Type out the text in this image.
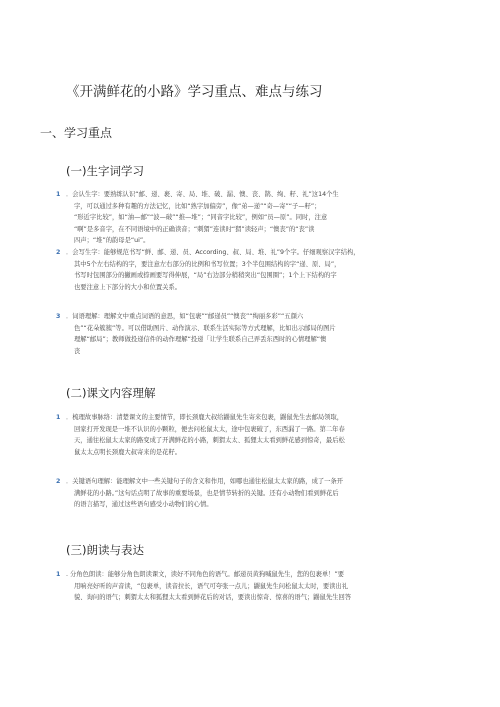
《开满鲜花的小路》学习重点、难点与练习
一、学习重点
(一)生字词学习
1 ．会认生字：要熟练认识“邮、递、裹、寄、局、堆、破、漏、懊、丧、鹊、绚、籽、礼”这14个生
字，可以通过多种有趣的方法记忆，比如“熟字加偏旁”，像“弟—递”“奇—寄”“子—籽”；
“形近字比较”，如“油—邮”“波—破”“推—堆”；“同音字比较”，例如“员—原”。同时，注意
“啊”是多音字，在不同语境中的正确读音；“刺猬”连读时“猬”读轻声；“懊丧”的“丧”读
四声；“堆”的韵母是“ui”。
2 ．会写生字：能够规范书写“鲜、邮、递、员、According、叔、局、堆、礼”9个字。仔细观察汉字结构，
其中5个左右结构的字，要注意左右部分的比例和书写位置；3个半包围结构的字“递、原、局”，
书写时包围部分的撇画或捺画要写得伸展，“局”右边部分稍稍突出“包围圈”；1个上下结构的字
也要注意上下部分的大小和位置关系。
3 ．词语理解：理解文中重点词语的意思，如“包裹”“邮递员”“懊丧”“绚丽多彩”“五颜六
色”“花朵簇簇”等。可以借助图片、动作演示、联系生活实际等方式理解，比如出示邮局的图片
理解“邮局”；教师做投递信件的动作理解“投递「让学生联系自己弄丢东西时的心情理解“懊
丧
(二)课文内容理解
1 ．梳理故事脉络：清楚课文的主要情节，即长颈鹿大叔给鼹鼠先生寄来包裹，鼹鼠先生去邮局领取，
回家打开发现是一堆不认识的小颗粒，便去问松鼠太太，途中包裹破了，东西漏了一路。第二年春
天，通往松鼠太太家的路变成了开满鲜花的小路，刺猬太太、狐狸太太看到鲜花感到惊奇，最后松
鼠太太点明长颈鹿大叔寄来的是花籽。
2 ．关键语句理解：能理解文中一些关键句子的含义和作用，如哪也通往松鼠太太家的路，成了一条开
满鲜花的小路。”这句话点明了故事的重要场景，也是情节转折的关键。还有小动物们看到鲜花后
的语言描写，通过这些语句感受小动物们的心情。
(三)朗读与表达
1 . 分角色朗读：能够分角色朗读课文，读好不同角色的语气。邮递员黄狗喊鼠先生，您的包裹单！”要
用响亮好听的声音读，“包裹单，读音拉长，语气可夸张一点儿；鼹鼠先生问松鼠太太时，要读出礼
貌、询问的语气；刺猬太太和狐狸太太看到鲜花后的对话，要读出惊奇、惊喜的语气；鼹鼠先生回答
